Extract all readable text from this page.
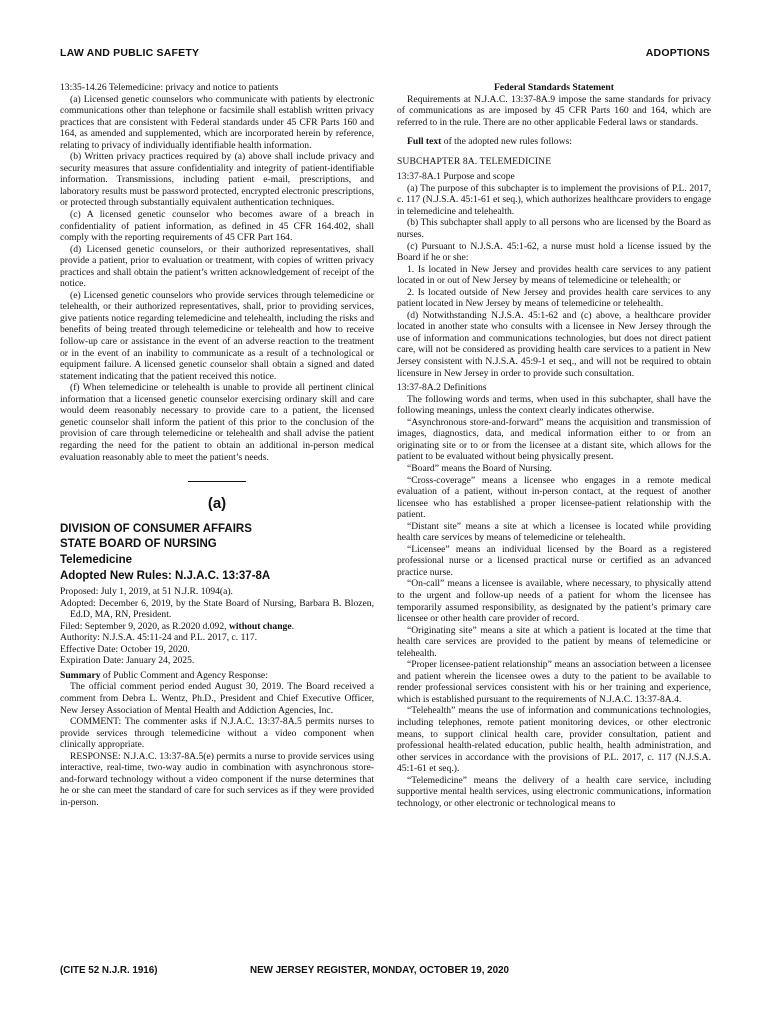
LAW AND PUBLIC SAFETY	ADOPTIONS

13:35-14.26 Telemedicine: privacy and notice to patients

(a) Licensed genetic counselors who communicate with patients by electronic communications other than telephone or facsimile shall establish written privacy practices that are consistent with Federal standards under 45 CFR Parts 160 and 164, as amended and supplemented, which are incorporated herein by reference, relating to privacy of individually identifiable health information.

(b) Written privacy practices required by (a) above shall include privacy and security measures that assure confidentiality and integrity of patient-identifiable information. Transmissions, including patient e-mail, prescriptions, and laboratory results must be password protected, encrypted electronic prescriptions, or protected through substantially equivalent authentication techniques.

(c) A licensed genetic counselor who becomes aware of a breach in confidentiality of patient information, as defined in 45 CFR 164.402, shall comply with the reporting requirements of 45 CFR Part 164.

(d) Licensed genetic counselors, or their authorized representatives, shall provide a patient, prior to evaluation or treatment, with copies of written privacy practices and shall obtain the patient’s written acknowledgement of receipt of the notice.

(e) Licensed genetic counselors who provide services through telemedicine or telehealth, or their authorized representatives, shall, prior to providing services, give patients notice regarding telemedicine and telehealth, including the risks and benefits of being treated through telemedicine or telehealth and how to receive follow-up care or assistance in the event of an adverse reaction to the treatment or in the event of an inability to communicate as a result of a technological or equipment failure. A licensed genetic counselor shall obtain a signed and dated statement indicating that the patient received this notice.

(f) When telemedicine or telehealth is unable to provide all pertinent clinical information that a licensed genetic counselor exercising ordinary skill and care would deem reasonably necessary to provide care to a patient, the licensed genetic counselor shall inform the patient of this prior to the conclusion of the provision of care through telemedicine or telehealth and shall advise the patient regarding the need for the patient to obtain an additional in-person medical evaluation reasonably able to meet the patient’s needs.

(a)

DIVISION OF CONSUMER AFFAIRS

STATE BOARD OF NURSING

Telemedicine

Adopted New Rules: N.J.A.C. 13:37-8A

Proposed: July 1, 2019, at 51 N.J.R. 1094(a).

Adopted: December 6, 2019, by the State Board of Nursing, Barbara B. Blozen, Ed.D, MA, RN, President.

Filed: September 9, 2020, as R.2020 d.092, without change.

Authority: N.J.S.A. 45:11-24 and P.L. 2017, c. 117.

Effective Date: October 19, 2020.

Expiration Date: January 24, 2025.

Summary of Public Comment and Agency Response:

The official comment period ended August 30, 2019. The Board received a comment from Debra L. Wentz, Ph.D., President and Chief Executive Officer, New Jersey Association of Mental Health and Addiction Agencies, Inc.

COMMENT: The commenter asks if N.J.A.C. 13:37-8A.5 permits nurses to provide services through telemedicine without a video component when clinically appropriate.

RESPONSE: N.J.A.C. 13:37-8A.5(e) permits a nurse to provide services using interactive, real-time, two-way audio in combination with asynchronous store-and-forward technology without a video component if the nurse determines that he or she can meet the standard of care for such services as if they were provided in-person.

Federal Standards Statement

Requirements at N.J.A.C. 13:37-8A.9 impose the same standards for privacy of communications as are imposed by 45 CFR Parts 160 and 164, which are referred to in the rule. There are no other applicable Federal laws or standards.

Full text of the adopted new rules follows:

SUBCHAPTER 8A. TELEMEDICINE

13:37-8A.1 Purpose and scope

(a) The purpose of this subchapter is to implement the provisions of P.L. 2017, c. 117 (N.J.S.A. 45:1-61 et seq.), which authorizes healthcare providers to engage in telemedicine and telehealth.

(b) This subchapter shall apply to all persons who are licensed by the Board as nurses.

(c) Pursuant to N.J.S.A. 45:1-62, a nurse must hold a license issued by the Board if he or she:

1. Is located in New Jersey and provides health care services to any patient located in or out of New Jersey by means of telemedicine or telehealth; or

2. Is located outside of New Jersey and provides health care services to any patient located in New Jersey by means of telemedicine or telehealth.

(d) Notwithstanding N.J.S.A. 45:1-62 and (c) above, a healthcare provider located in another state who consults with a licensee in New Jersey through the use of information and communications technologies, but does not direct patient care, will not be considered as providing health care services to a patient in New Jersey consistent with N.J.S.A. 45:9-1 et seq., and will not be required to obtain licensure in New Jersey in order to provide such consultation.

13:37-8A.2 Definitions

The following words and terms, when used in this subchapter, shall have the following meanings, unless the context clearly indicates otherwise.

“Asynchronous store-and-forward” means the acquisition and transmission of images, diagnostics, data, and medical information either to or from an originating site or to or from the licensee at a distant site, which allows for the patient to be evaluated without being physically present.

“Board” means the Board of Nursing.

“Cross-coverage” means a licensee who engages in a remote medical evaluation of a patient, without in-person contact, at the request of another licensee who has established a proper licensee-patient relationship with the patient.

“Distant site” means a site at which a licensee is located while providing health care services by means of telemedicine or telehealth.

“Licensee” means an individual licensed by the Board as a registered professional nurse or a licensed practical nurse or certified as an advanced practice nurse.

“On-call” means a licensee is available, where necessary, to physically attend to the urgent and follow-up needs of a patient for whom the licensee has temporarily assumed responsibility, as designated by the patient’s primary care licensee or other health care provider of record.

“Originating site” means a site at which a patient is located at the time that health care services are provided to the patient by means of telemedicine or telehealth.

“Proper licensee-patient relationship” means an association between a licensee and patient wherein the licensee owes a duty to the patient to be available to render professional services consistent with his or her training and experience, which is established pursuant to the requirements of N.J.A.C. 13:37-8A.4.

“Telehealth” means the use of information and communications technologies, including telephones, remote patient monitoring devices, or other electronic means, to support clinical health care, provider consultation, patient and professional health-related education, public health, health administration, and other services in accordance with the provisions of P.L. 2017, c. 117 (N.J.S.A. 45:1-61 et seq.).

“Telemedicine” means the delivery of a health care service, including supportive mental health services, using electronic communications, information technology, or other electronic or technological means to

(CITE 52 N.J.R. 1916)	NEW JERSEY REGISTER, MONDAY, OCTOBER 19, 2020
